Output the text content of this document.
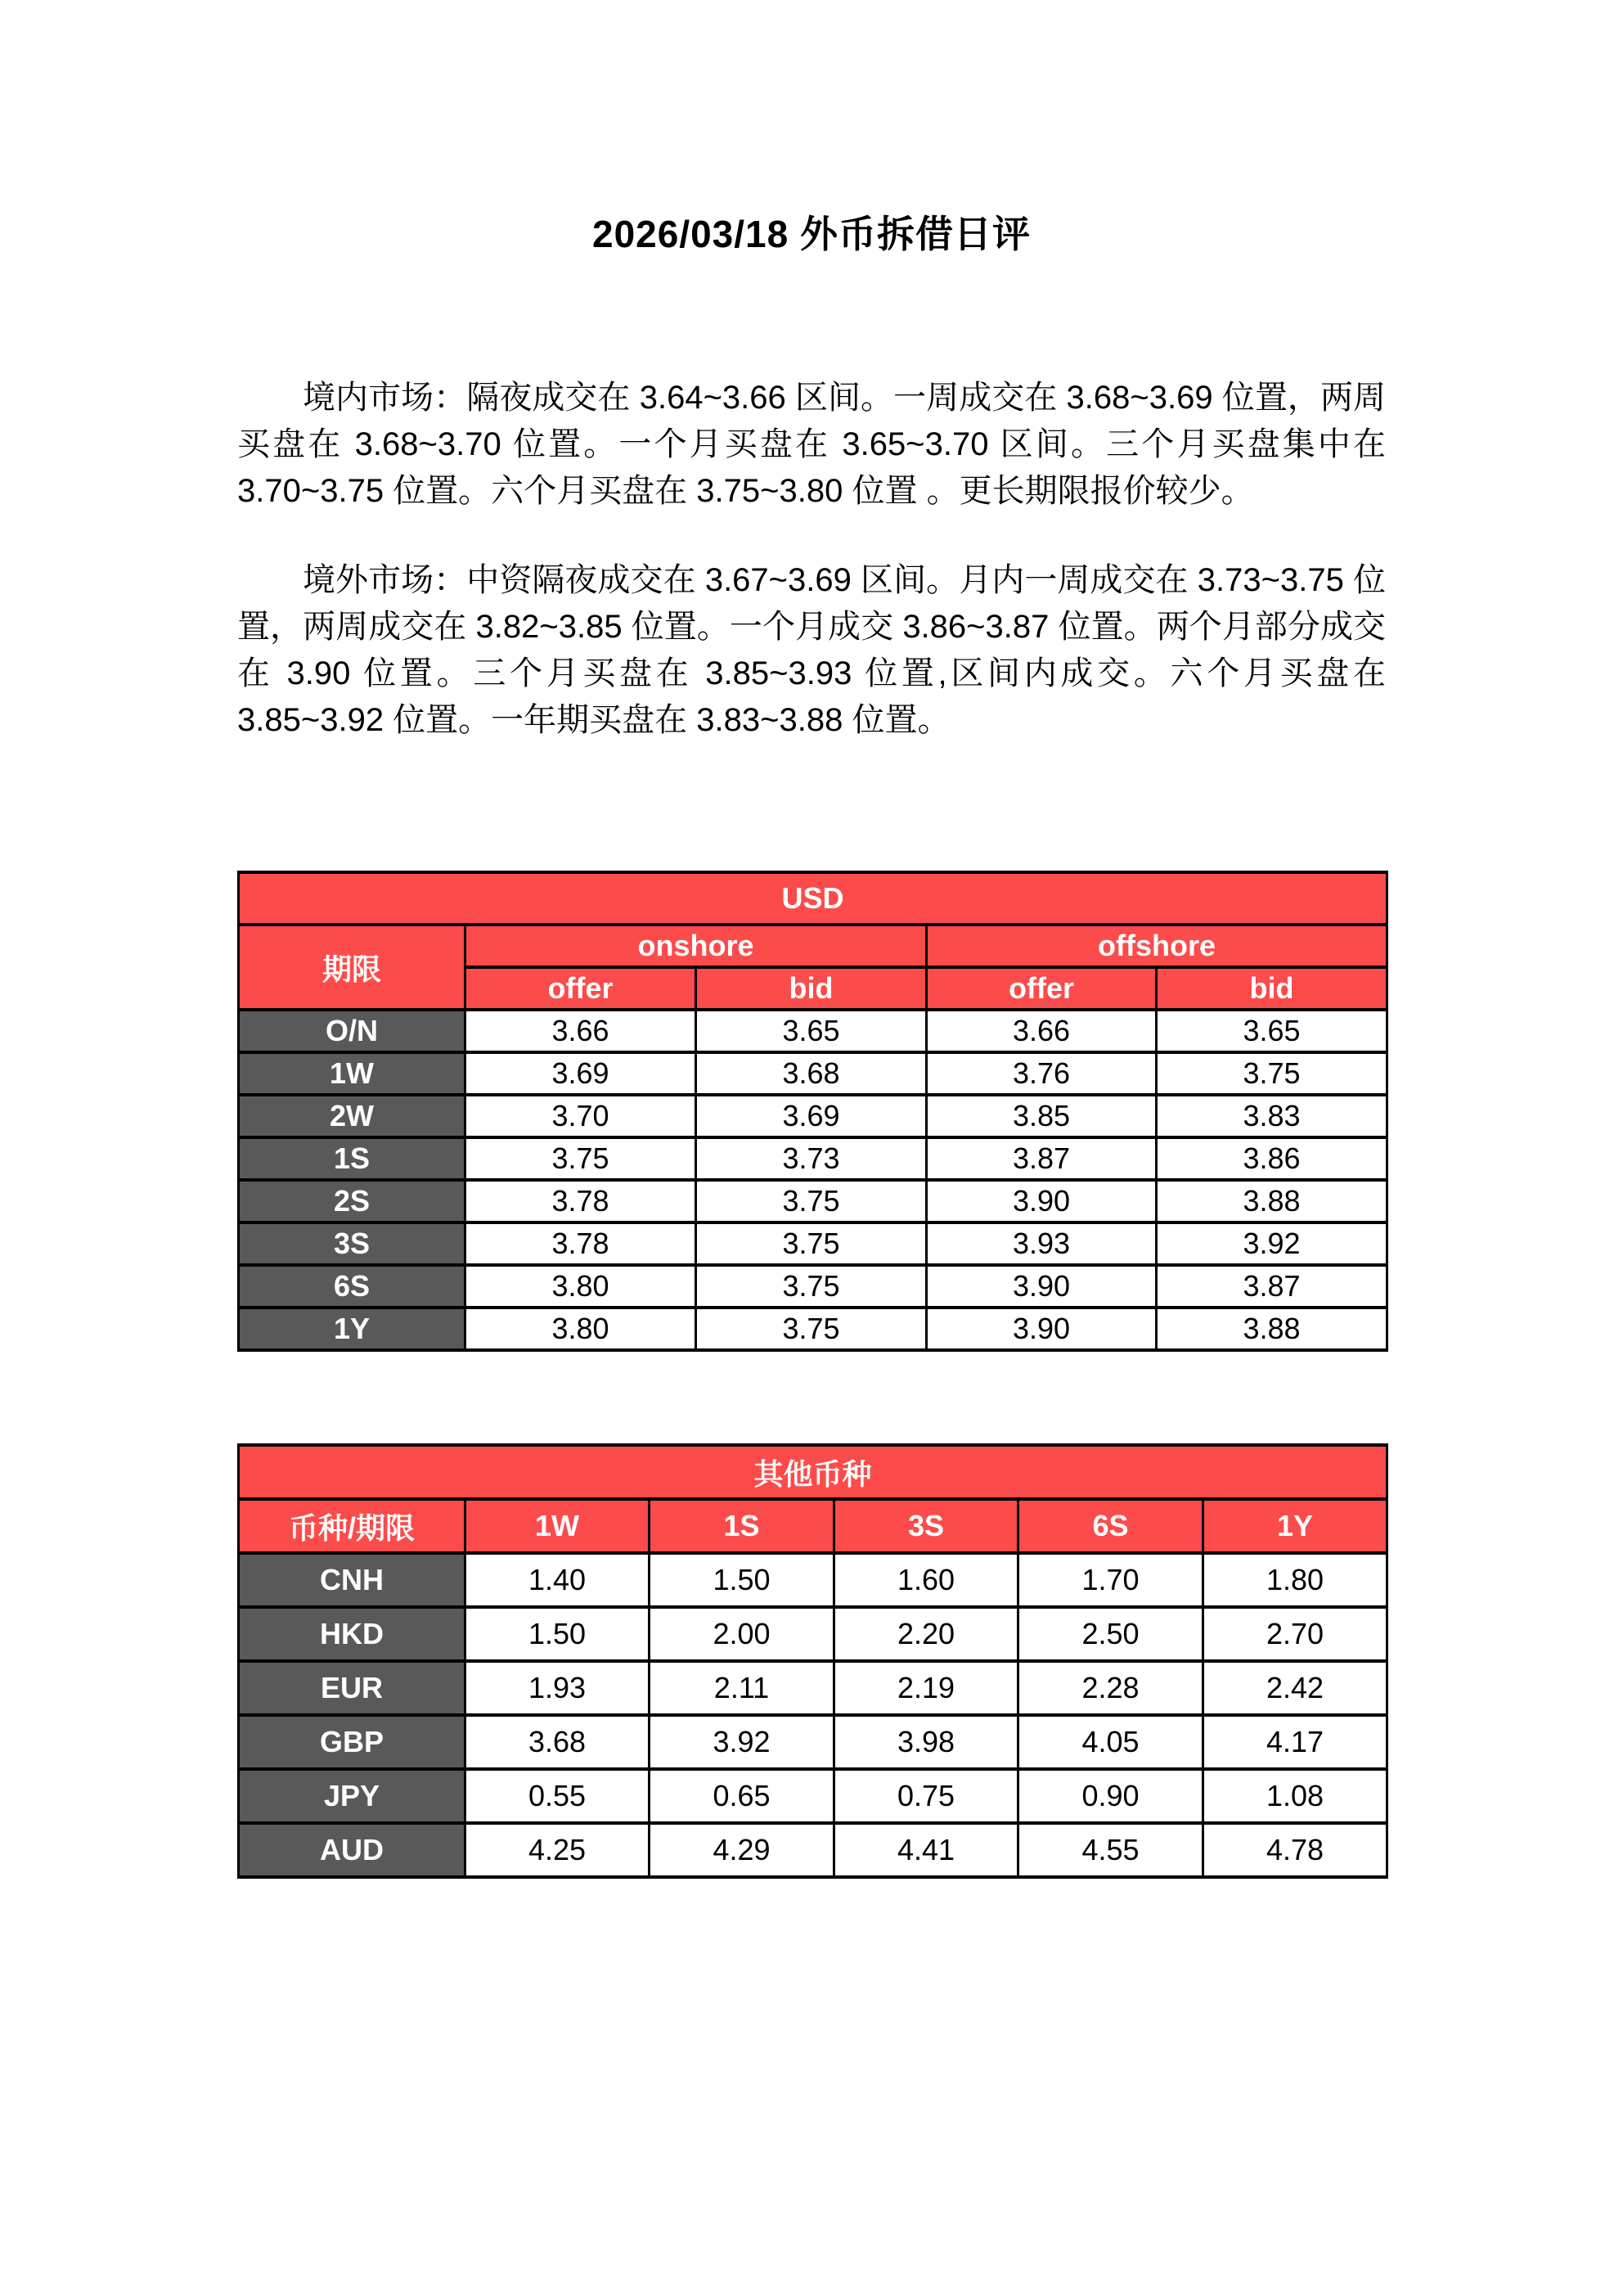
2026/03/18 外币拆借日评

境内市场：隔夜成交在 3.64~3.66 区间。一周成交在 3.68~3.69 位置，两周买盘在 3.68~3.70 位置。一个月买盘在 3.65~3.70 区间。三个月买盘集中在 3.70~3.75 位置。六个月买盘在 3.75~3.80 位置 。更长期限报价较少。

境外市场：中资隔夜成交在 3.67~3.69 区间。月内一周成交在 3.73~3.75 位置，两周成交在 3.82~3.85 位置。一个月成交 3.86~3.87 位置。两个月部分成交在 3.90 位置。三个月买盘在 3.85~3.93 位置,区间内成交。六个月买盘在 3.85~3.92 位置。一年期买盘在 3.83~3.88 位置。

USD				
期限	onshore		offshore	
	offer	bid	offer	bid
O/N	3.66	3.65	3.66	3.65
1W	3.69	3.68	3.76	3.75
2W	3.70	3.69	3.85	3.83
1S	3.75	3.73	3.87	3.86
2S	3.78	3.75	3.90	3.88
3S	3.78	3.75	3.93	3.92
6S	3.80	3.75	3.90	3.87
1Y	3.80	3.75	3.90	3.88
其他币种					
币种/期限	1W	1S	3S	6S	1Y
CNH	1.40	1.50	1.60	1.70	1.80
HKD	1.50	2.00	2.20	2.50	2.70
EUR	1.93	2.11	2.19	2.28	2.42
GBP	3.68	3.92	3.98	4.05	4.17
JPY	0.55	0.65	0.75	0.90	1.08
AUD	4.25	4.29	4.41	4.55	4.78
